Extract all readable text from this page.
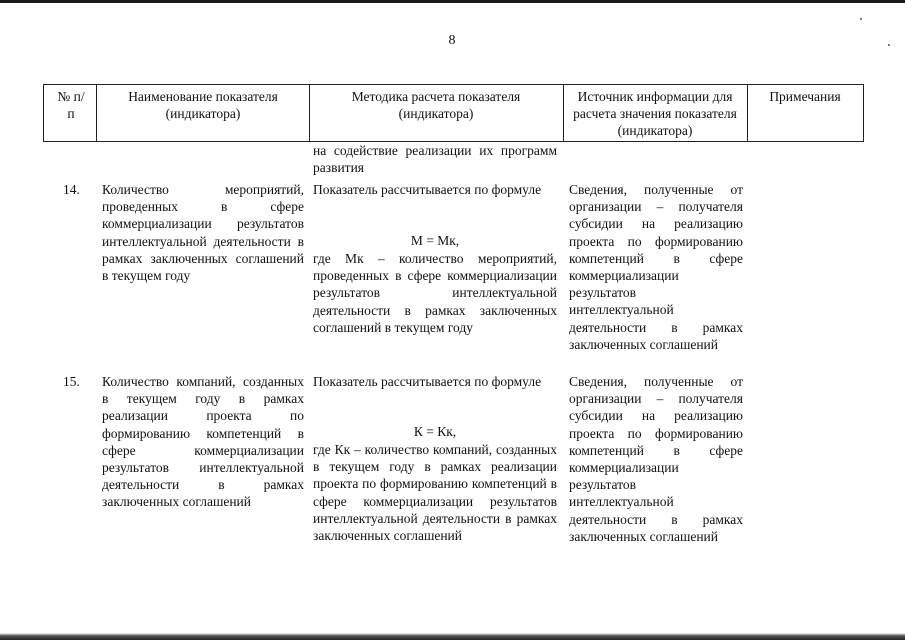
8
№ п/п
Наименование показателя (индикатора)
Методика расчета показателя (индикатора)
Источник информации для расчета значения показателя (индикатора)
Примечания
на содействие реализации их программ развития
14. Количество мероприятий, проведенных в сфере коммерциализации результатов интеллектуальной деятельности в рамках заключенных соглашений в текущем году
Показатель рассчитывается по формуле
М = Мк,
где Мк – количество мероприятий, проведенных в сфере коммерциализации результатов интеллектуальной деятельности в рамках заключенных соглашений в текущем году
Сведения, полученные от организации – получателя субсидии на реализацию проекта по формированию компетенций в сфере коммерциализации результатов интеллектуальной деятельности в рамках заключенных соглашений
15. Количество компаний, созданных в текущем году в рамках реализации проекта по формированию компетенций в сфере коммерциализации результатов интеллектуальной деятельности в рамках заключенных соглашений
Показатель рассчитывается по формуле
К = Кк,
где Кк – количество компаний, созданных в текущем году в рамках реализации проекта по формированию компетенций в сфере коммерциализации результатов интеллектуальной деятельности в рамках заключенных соглашений
Сведения, полученные от организации – получателя субсидии на реализацию проекта по формированию компетенций в сфере коммерциализации результатов интеллектуальной деятельности в рамках заключенных соглашений
